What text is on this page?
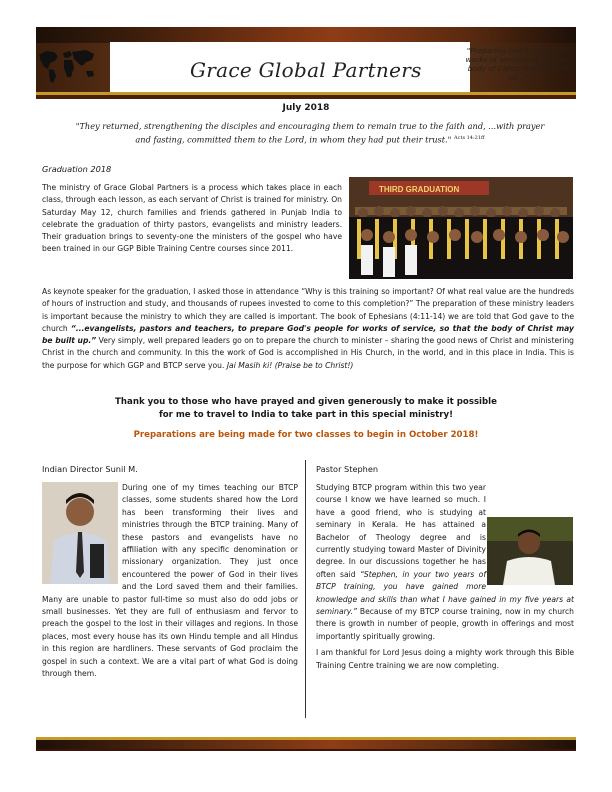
Grace Global Partners
"Preparing God's people for works of service, so that the body of Christ may be built up..."
July 2018
"They returned, strengthening the disciples and encouraging them to remain true to the faith and, ...with prayer and fasting, committed them to the Lord, in whom they had put their trust." $^{Acts 14:21ff}$
Graduation 2018
THIRD GRADUATION
The ministry of Grace Global Partners is a process which takes place in each class, through each lesson, as each servant of Christ is trained for ministry. On Saturday May 12, church families and friends gathered in Punjab India to celebrate the graduation of thirty pastors, evangelists and ministry leaders. Their graduation brings to seventy-one the ministers of the gospel who have been trained in our GGP Bible Training Centre courses since 2011.
As keynote speaker for the graduation, I asked those in attendance “Why is this training so important? Of what real value are the hundreds of hours of instruction and study, and thousands of rupees invested to come to this completion?” The preparation of these ministry leaders is important because the ministry to which they are called is important. The book of Ephesians (4:11-14) we are told that God gave to the church “...evangelists, pastors and teachers, to prepare God's people for works of service, so that the body of Christ may be built up.” Very simply, well prepared leaders go on to prepare the church to minister – sharing the good news of Christ and ministering Christ in the church and community. In this the work of God is accomplished in His Church, in the world, and in this place in India. This is the purpose for which GGP and BTCP serve you. Jai Masih ki! (Praise be to Christ!)
Thank you to those who have prayed and given generously to make it possible
for me to travel to India to take part in this special ministry!
Preparations are being made for two classes to begin in October 2018!
Indian Director Sunil M.	Pastor Stephen
During one of my times teaching our BTCP classes, some students shared how the Lord has been transforming their lives and ministries through the BTCP training. Many of these pastors and evangelists have no affiliation with any specific denomination or missionary organization. They just once encountered the power of God in their lives and the Lord saved them and their families. Many are unable to pastor full-time so must also do odd jobs or small businesses. Yet they are full of enthusiasm and fervor to preach the gospel to the lost in their villages and regions. In those places, most every house has its own Hindu temple and all Hindus in this region are hardliners. These servants of God proclaim the gospel in such a context. We are a vital part of what God is doing through them.
Studying BTCP program within this two year course I know we have learned so much. I have a good friend, who is studying at seminary in Kerala. He has attained a Bachelor of Theology degree and is currently studying toward Master of Divinity degree. In our discussions together he has often said “Stephen, in your two years of BTCP training, you have gained more knowledge and skills than what I have gained in my five years at seminary.” Because of my BTCP course training, now in my church there is growth in number of people, growth in offerings and most importantly spiritually growing.
I am thankful for Lord Jesus doing a mighty work through this Bible Training Centre training we are now completing.
